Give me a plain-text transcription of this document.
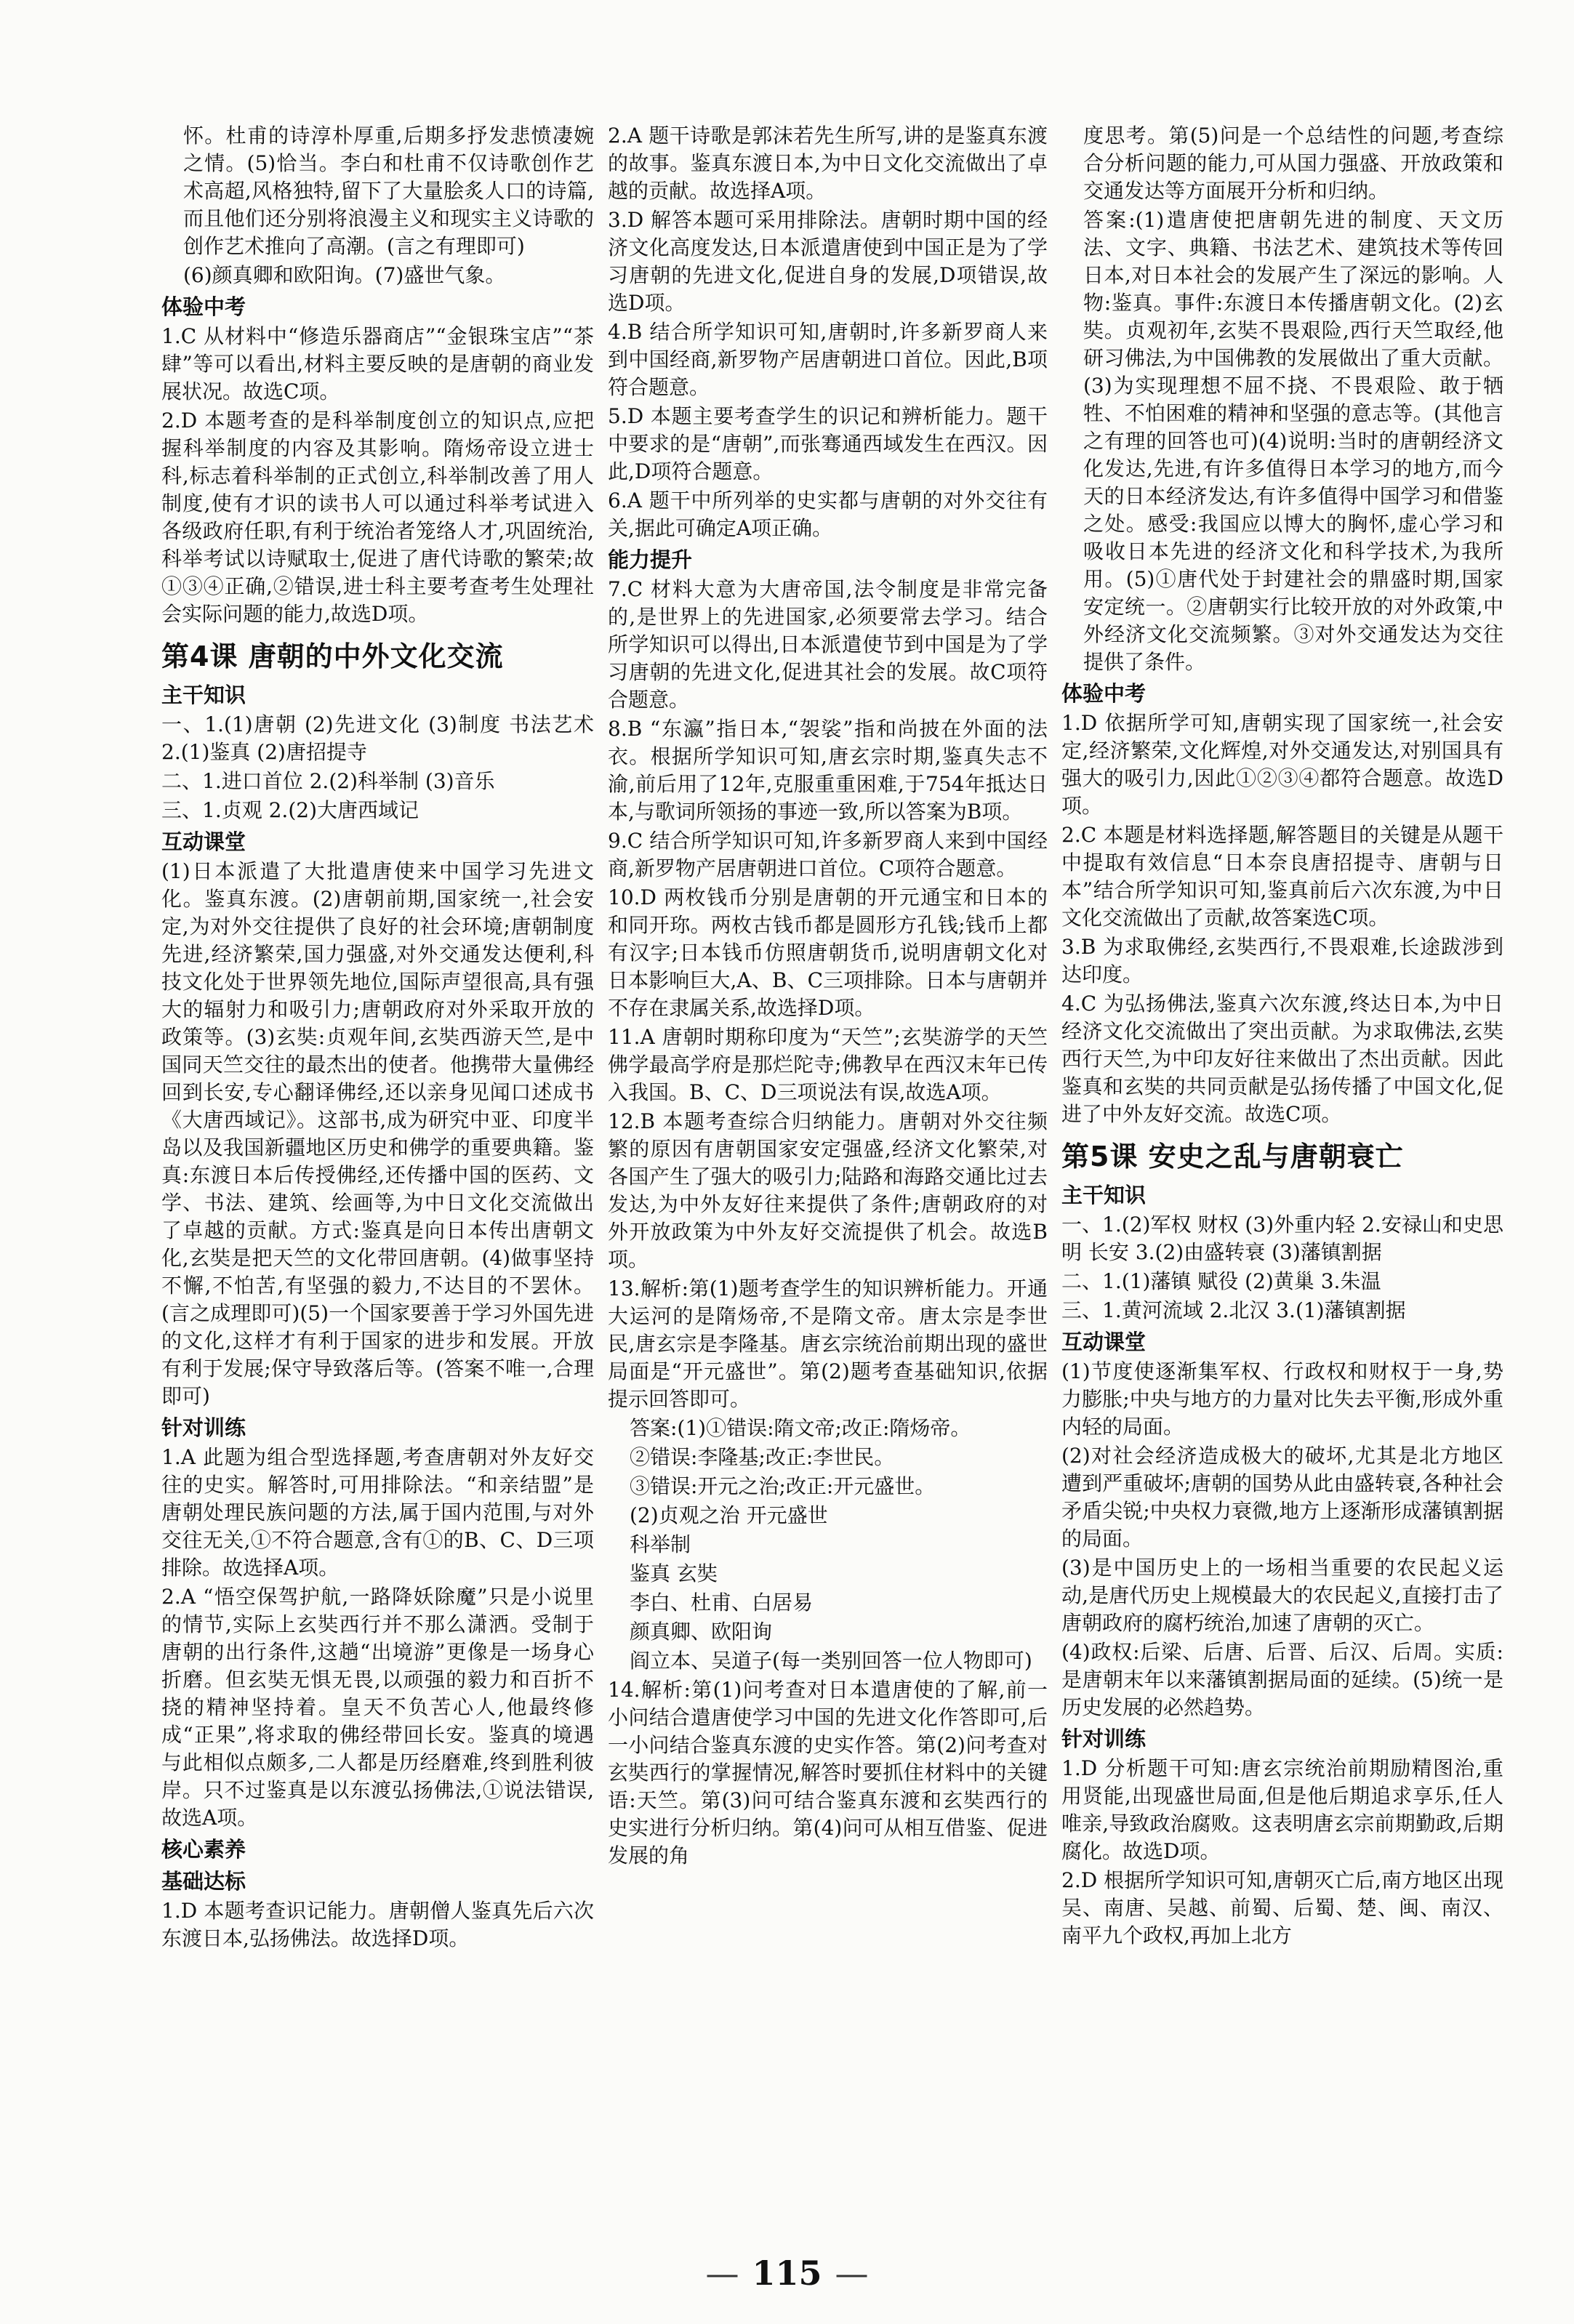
怀。杜甫的诗淳朴厚重,后期多抒发悲愤凄婉之情。(5)恰当。李白和杜甫不仅诗歌创作艺术高超,风格独特,留下了大量脍炙人口的诗篇,而且他们还分别将浪漫主义和现实主义诗歌的创作艺术推向了高潮。(言之有理即可)

(6)颜真卿和欧阳询。(7)盛世气象。

体验中考

1.C 从材料中“修造乐器商店”“金银珠宝店”“茶肆”等可以看出,材料主要反映的是唐朝的商业发展状况。故选C项。

2.D 本题考查的是科举制度创立的知识点,应把握科举制度的内容及其影响。隋炀帝设立进士科,标志着科举制的正式创立,科举制改善了用人制度,使有才识的读书人可以通过科举考试进入各级政府任职,有利于统治者笼络人才,巩固统治,科举考试以诗赋取士,促进了唐代诗歌的繁荣;故①③④正确,②错误,进士科主要考查考生处理社会实际问题的能力,故选D项。

第4课 唐朝的中外文化交流
主干知识

一、1.(1)唐朝 (2)先进文化 (3)制度 书法艺术 2.(1)鉴真 (2)唐招提寺

二、1.进口首位 2.(2)科举制 (3)音乐

三、1.贞观 2.(2)大唐西域记

互动课堂

(1)日本派遣了大批遣唐使来中国学习先进文化。鉴真东渡。(2)唐朝前期,国家统一,社会安定,为对外交往提供了良好的社会环境;唐朝制度先进,经济繁荣,国力强盛,对外交通发达便利,科技文化处于世界领先地位,国际声望很高,具有强大的辐射力和吸引力;唐朝政府对外采取开放的政策等。(3)玄奘:贞观年间,玄奘西游天竺,是中国同天竺交往的最杰出的使者。他携带大量佛经回到长安,专心翻译佛经,还以亲身见闻口述成书《大唐西域记》。这部书,成为研究中亚、印度半岛以及我国新疆地区历史和佛学的重要典籍。鉴真:东渡日本后传授佛经,还传播中国的医药、文学、书法、建筑、绘画等,为中日文化交流做出了卓越的贡献。方式:鉴真是向日本传出唐朝文化,玄奘是把天竺的文化带回唐朝。(4)做事坚持不懈,不怕苦,有坚强的毅力,不达目的不罢休。(言之成理即可)(5)一个国家要善于学习外国先进的文化,这样才有利于国家的进步和发展。开放有利于发展;保守导致落后等。(答案不唯一,合理即可)

针对训练

1.A 此题为组合型选择题,考查唐朝对外友好交往的史实。解答时,可用排除法。“和亲结盟”是唐朝处理民族问题的方法,属于国内范围,与对外交往无关,①不符合题意,含有①的B、C、D三项排除。故选择A项。

2.A “悟空保驾护航,一路降妖除魔”只是小说里的情节,实际上玄奘西行并不那么潇洒。受制于唐朝的出行条件,这趟“出境游”更像是一场身心折磨。但玄奘无惧无畏,以顽强的毅力和百折不挠的精神坚持着。皇天不负苦心人,他最终修成“正果”,将求取的佛经带回长安。鉴真的境遇与此相似点颇多,二人都是历经磨难,终到胜利彼岸。只不过鉴真是以东渡弘扬佛法,①说法错误,故选A项。

核心素养
基础达标

1.D 本题考查识记能力。唐朝僧人鉴真先后六次东渡日本,弘扬佛法。故选择D项。

2.A 题干诗歌是郭沫若先生所写,讲的是鉴真东渡的故事。鉴真东渡日本,为中日文化交流做出了卓越的贡献。故选择A项。

3.D 解答本题可采用排除法。唐朝时期中国的经济文化高度发达,日本派遣唐使到中国正是为了学习唐朝的先进文化,促进自身的发展,D项错误,故选D项。

4.B 结合所学知识可知,唐朝时,许多新罗商人来到中国经商,新罗物产居唐朝进口首位。因此,B项符合题意。

5.D 本题主要考查学生的识记和辨析能力。题干中要求的是“唐朝”,而张骞通西域发生在西汉。因此,D项符合题意。

6.A 题干中所列举的史实都与唐朝的对外交往有关,据此可确定A项正确。

能力提升

7.C 材料大意为大唐帝国,法令制度是非常完备的,是世界上的先进国家,必须要常去学习。结合所学知识可以得出,日本派遣使节到中国是为了学习唐朝的先进文化,促进其社会的发展。故C项符合题意。

8.B “东瀛”指日本,“袈裟”指和尚披在外面的法衣。根据所学知识可知,唐玄宗时期,鉴真失志不渝,前后用了12年,克服重重困难,于754年抵达日本,与歌词所领扬的事迹一致,所以答案为B项。

9.C 结合所学知识可知,许多新罗商人来到中国经商,新罗物产居唐朝进口首位。C项符合题意。

10.D 两枚钱币分别是唐朝的开元通宝和日本的和同开珎。两枚古钱币都是圆形方孔钱;钱币上都有汉字;日本钱币仿照唐朝货币,说明唐朝文化对日本影响巨大,A、B、C三项排除。日本与唐朝并不存在隶属关系,故选择D项。

11.A 唐朝时期称印度为“天竺”;玄奘游学的天竺佛学最高学府是那烂陀寺;佛教早在西汉末年已传入我国。B、C、D三项说法有误,故选A项。

12.B 本题考查综合归纳能力。唐朝对外交往频繁的原因有唐朝国家安定强盛,经济文化繁荣,对各国产生了强大的吸引力;陆路和海路交通比过去发达,为中外友好往来提供了条件;唐朝政府的对外开放政策为中外友好交流提供了机会。故选B项。

13.解析:第(1)题考查学生的知识辨析能力。开通大运河的是隋炀帝,不是隋文帝。唐太宗是李世民,唐玄宗是李隆基。唐玄宗统治前期出现的盛世局面是“开元盛世”。第(2)题考查基础知识,依据提示回答即可。

答案:(1)①错误:隋文帝;改正:隋炀帝。

②错误:李隆基;改正:李世民。

③错误:开元之治;改正:开元盛世。

(2)贞观之治 开元盛世

科举制

鉴真 玄奘

李白、杜甫、白居易

颜真卿、欧阳询

阎立本、吴道子(每一类别回答一位人物即可)

14.解析:第(1)问考查对日本遣唐使的了解,前一小问结合遣唐使学习中国的先进文化作答即可,后一小问结合鉴真东渡的史实作答。第(2)问考查对玄奘西行的掌握情况,解答时要抓住材料中的关键语:天竺。第(3)问可结合鉴真东渡和玄奘西行的史实进行分析归纳。第(4)问可从相互借鉴、促进发展的角

度思考。第(5)问是一个总结性的问题,考查综合分析问题的能力,可从国力强盛、开放政策和交通发达等方面展开分析和归纳。

答案:(1)遣唐使把唐朝先进的制度、天文历法、文字、典籍、书法艺术、建筑技术等传回日本,对日本社会的发展产生了深远的影响。人物:鉴真。事件:东渡日本传播唐朝文化。(2)玄奘。贞观初年,玄奘不畏艰险,西行天竺取经,他研习佛法,为中国佛教的发展做出了重大贡献。(3)为实现理想不屈不挠、不畏艰险、敢于牺牲、不怕困难的精神和坚强的意志等。(其他言之有理的回答也可)(4)说明:当时的唐朝经济文化发达,先进,有许多值得日本学习的地方,而今天的日本经济发达,有许多值得中国学习和借鉴之处。感受:我国应以博大的胸怀,虚心学习和吸收日本先进的经济文化和科学技术,为我所用。(5)①唐代处于封建社会的鼎盛时期,国家安定统一。②唐朝实行比较开放的对外政策,中外经济文化交流频繁。③对外交通发达为交往提供了条件。

体验中考

1.D 依据所学可知,唐朝实现了国家统一,社会安定,经济繁荣,文化辉煌,对外交通发达,对别国具有强大的吸引力,因此①②③④都符合题意。故选D项。

2.C 本题是材料选择题,解答题目的关键是从题干中提取有效信息“日本奈良唐招提寺、唐朝与日本”结合所学知识可知,鉴真前后六次东渡,为中日文化交流做出了贡献,故答案选C项。

3.B 为求取佛经,玄奘西行,不畏艰难,长途跋涉到达印度。

4.C 为弘扬佛法,鉴真六次东渡,终达日本,为中日经济文化交流做出了突出贡献。为求取佛法,玄奘西行天竺,为中印友好往来做出了杰出贡献。因此鉴真和玄奘的共同贡献是弘扬传播了中国文化,促进了中外友好交流。故选C项。

第5课 安史之乱与唐朝衰亡
主干知识

一、1.(2)军权 财权 (3)外重内轻 2.安禄山和史思明 长安 3.(2)由盛转衰 (3)藩镇割据

二、1.(1)藩镇 赋役 (2)黄巢 3.朱温

三、1.黄河流域 2.北汉 3.(1)藩镇割据

互动课堂

(1)节度使逐渐集军权、行政权和财权于一身,势力膨胀;中央与地方的力量对比失去平衡,形成外重内轻的局面。

(2)对社会经济造成极大的破坏,尤其是北方地区遭到严重破坏;唐朝的国势从此由盛转衰,各种社会矛盾尖锐;中央权力衰微,地方上逐渐形成藩镇割据的局面。

(3)是中国历史上的一场相当重要的农民起义运动,是唐代历史上规模最大的农民起义,直接打击了唐朝政府的腐朽统治,加速了唐朝的灭亡。

(4)政权:后梁、后唐、后晋、后汉、后周。实质:是唐朝末年以来藩镇割据局面的延续。(5)统一是历史发展的必然趋势。

针对训练

1.D 分析题干可知:唐玄宗统治前期励精图治,重用贤能,出现盛世局面,但是他后期追求享乐,任人唯亲,导致政治腐败。这表明唐玄宗前期勤政,后期腐化。故选D项。

2.D 根据所学知识可知,唐朝灭亡后,南方地区出现吴、南唐、吴越、前蜀、后蜀、楚、闽、南汉、南平九个政权,再加上北方

— 115 —
